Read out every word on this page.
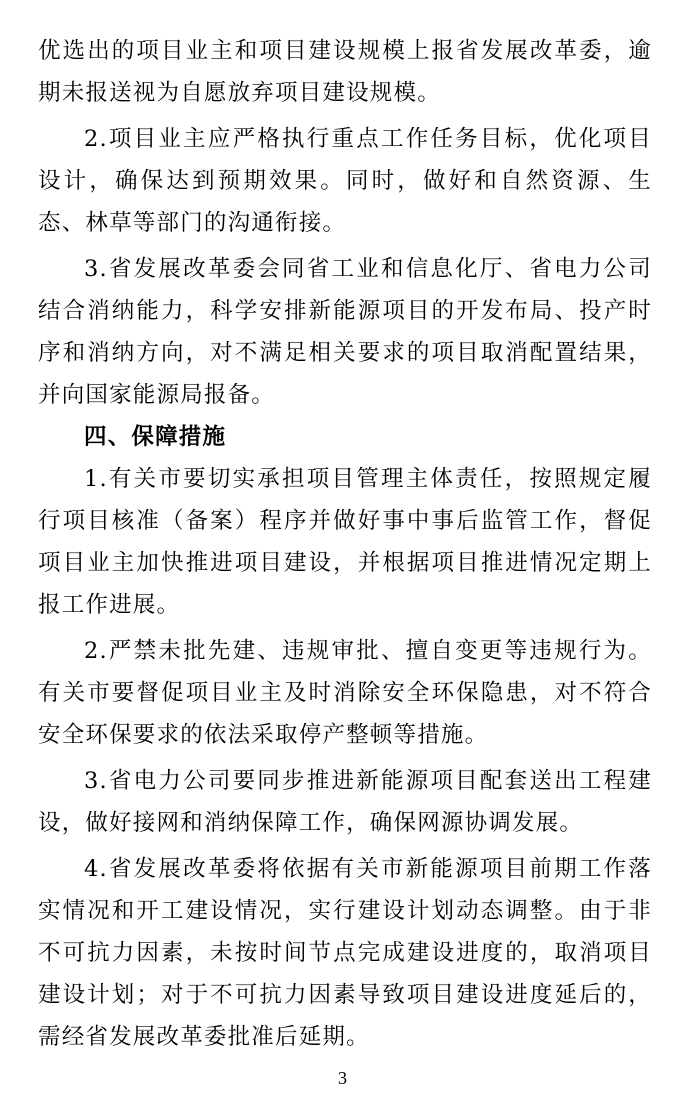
优选出的项目业主和项目建设规模上报省发展改革委，逾期未报送视为自愿放弃项目建设规模。

2.项目业主应严格执行重点工作任务目标，优化项目设计，确保达到预期效果。同时，做好和自然资源、生态、林草等部门的沟通衔接。

3.省发展改革委会同省工业和信息化厅、省电力公司结合消纳能力，科学安排新能源项目的开发布局、投产时序和消纳方向，对不满足相关要求的项目取消配置结果，并向国家能源局报备。

四、保障措施

1.有关市要切实承担项目管理主体责任，按照规定履行项目核准（备案）程序并做好事中事后监管工作，督促项目业主加快推进项目建设，并根据项目推进情况定期上报工作进展。

2.严禁未批先建、违规审批、擅自变更等违规行为。有关市要督促项目业主及时消除安全环保隐患，对不符合安全环保要求的依法采取停产整顿等措施。

3.省电力公司要同步推进新能源项目配套送出工程建设，做好接网和消纳保障工作，确保网源协调发展。

4.省发展改革委将依据有关市新能源项目前期工作落实情况和开工建设情况，实行建设计划动态调整。由于非不可抗力因素，未按时间节点完成建设进度的，取消项目建设计划；对于不可抗力因素导致项目建设进度延后的，需经省发展改革委批准后延期。

3
